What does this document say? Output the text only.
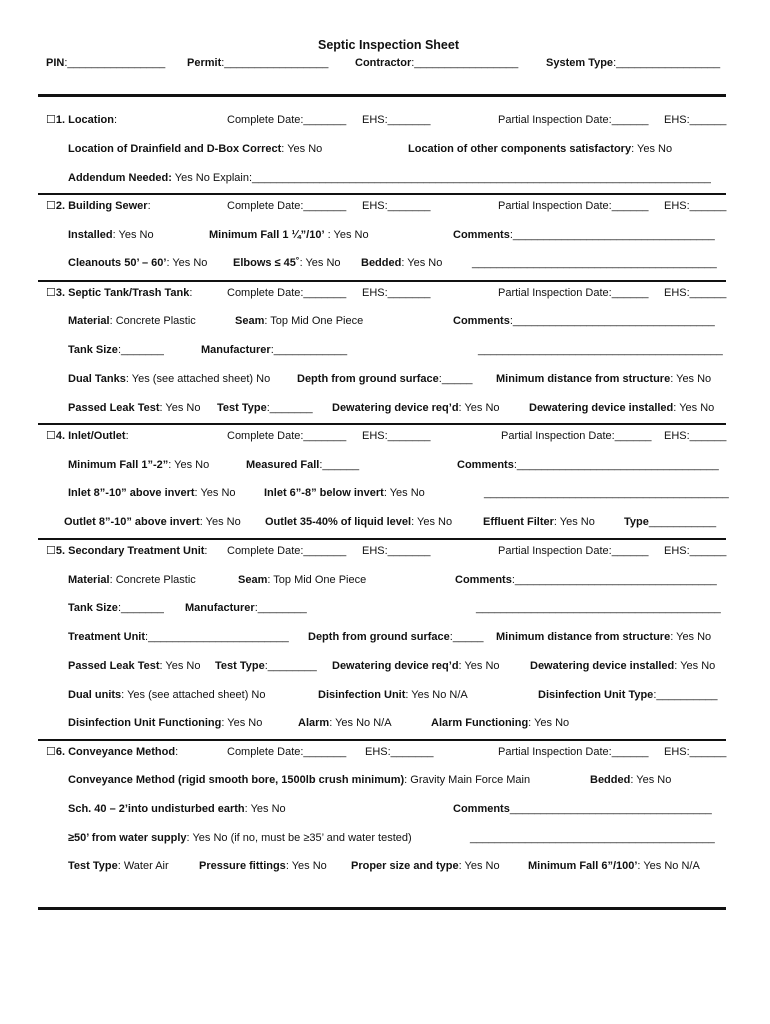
Septic Inspection Sheet
PIN:________________ Permit:_________________ Contractor:_________________	System Type:_________________
☐1. Location:	Complete Date:_______ EHS:_______	Partial Inspection Date:______ EHS:______
Location of Drainfield and D-Box Correct: Yes No	Location of other components satisfactory: Yes No
Addendum Needed: Yes No Explain:___________________________________________________________________________
☐2. Building Sewer:	Complete Date:_______ EHS:_______	Partial Inspection Date:______ EHS:______
Installed: Yes No	Minimum Fall 1 ¼”/10’ : Yes No	Comments:_________________________________
Cleanouts 50’ – 60’: Yes No Elbows ≤ 45˚: Yes No Bedded: Yes No	________________________________________
☐3. Septic Tank/Trash Tank:	Complete Date:_______ EHS:_______	Partial Inspection Date:______ EHS:______
Material: Concrete Plastic	Seam: Top Mid One Piece	Comments:_________________________________
Tank Size:_______	Manufacturer:____________	________________________________________
Dual Tanks: Yes (see attached sheet) No Depth from ground surface:_____ Minimum distance from structure: Yes No
Passed Leak Test: Yes No Test Type:_______ Dewatering device req’d: Yes No	Dewatering device installed: Yes No
☐4. Inlet/Outlet:	Complete Date:_______ EHS:_______	Partial Inspection Date:______ EHS:______
Minimum Fall 1”-2”: Yes No	Measured Fall:______	Comments:_________________________________
Inlet 8”-10” above invert: Yes No	Inlet 6”-8” below invert: Yes No	________________________________________
Outlet 8”-10” above invert: Yes No Outlet 35-40% of liquid level: Yes No	Effluent Filter: Yes No	Type___________
☐5. Secondary Treatment Unit: Complete Date:_______ EHS:_______	Partial Inspection Date:______ EHS:______
Material: Concrete Plastic	Seam: Top Mid One Piece	Comments:_________________________________
Tank Size:_______ Manufacturer:________	________________________________________
Treatment Unit:_______________________ Depth from ground surface:_____ Minimum distance from structure: Yes No
Passed Leak Test: Yes No Test Type:________ Dewatering device req’d: Yes No	Dewatering device installed: Yes No
Dual units: Yes (see attached sheet) No	Disinfection Unit: Yes No N/A	Disinfection Unit Type:__________
Disinfection Unit Functioning: Yes No	Alarm: Yes No N/A	Alarm Functioning: Yes No
☐6. Conveyance Method:	Complete Date:_______ EHS:_______	Partial Inspection Date:______ EHS:______
Conveyance Method (rigid smooth bore, 1500lb crush minimum): Gravity Main Force Main	Bedded: Yes No
Sch. 40 – 2’into undisturbed earth: Yes No	Comments_________________________________
≥50’ from water supply: Yes No (if no, must be ≥35’ and water tested)	________________________________________
Test Type: Water Air	Pressure fittings: Yes No Proper size and type: Yes No	Minimum Fall 6”/100’: Yes No N/A
